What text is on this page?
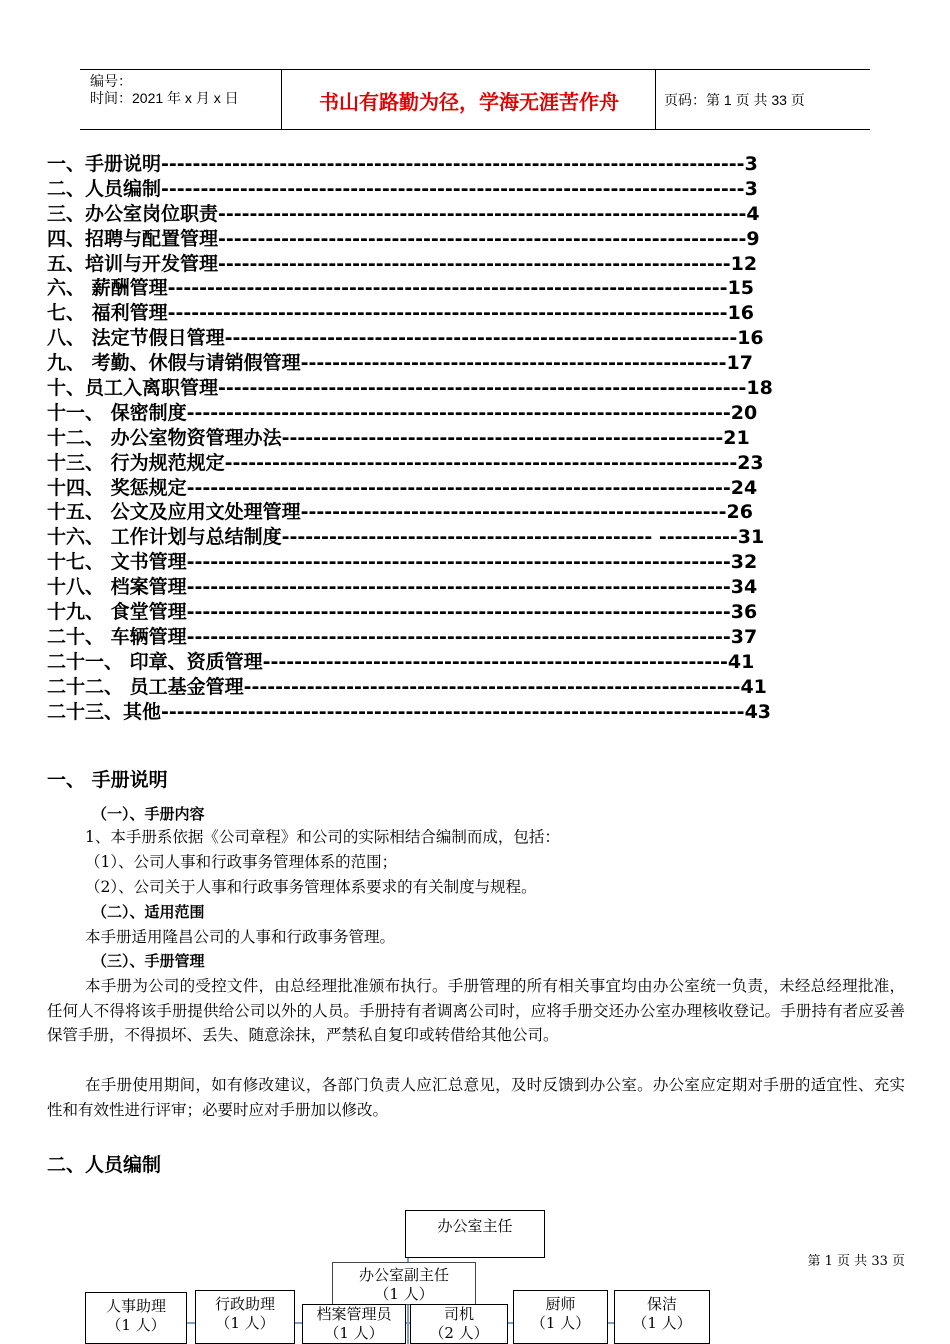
编号：
时间：2021 年 x 月 x 日	书山有路勤为径，学海无涯苦作舟	页码：第 1 页 共 33 页
一、手册说明--------------------------------------------------------------------------3
二、人员编制--------------------------------------------------------------------------3
三、办公室岗位职责-------------------------------------------------------------------4
四、招聘与配置管理-------------------------------------------------------------------9
五、培训与开发管理-----------------------------------------------------------------12
六、 薪酬管理-----------------------------------------------------------------------15
七、 福利管理-----------------------------------------------------------------------16
八、 法定节假日管理-----------------------------------------------------------------16
九、 考勤、休假与请销假管理------------------------------------------------------17
十、员工入离职管理-------------------------------------------------------------------18
十一、 保密制度---------------------------------------------------------------------20
十二、 办公室物资管理办法--------------------------------------------------------21
十三、 行为规范规定-----------------------------------------------------------------23
十四、 奖惩规定---------------------------------------------------------------------24
十五、 公文及应用文处理管理------------------------------------------------------26
十六、 工作计划与总结制度----------------------------------------------- ----------31
十七、 文书管理---------------------------------------------------------------------32
十八、 档案管理---------------------------------------------------------------------34
十九、 食堂管理---------------------------------------------------------------------36
二十、 车辆管理---------------------------------------------------------------------37
二十一、 印章、资质管理-----------------------------------------------------------41
二十二、 员工基金管理---------------------------------------------------------------41
二十三、其他--------------------------------------------------------------------------43
一、 手册说明
（一）、手册内容
1、本手册系依据《公司章程》和公司的实际相结合编制而成，包括：
（1）、公司人事和行政事务管理体系的范围；
（2）、公司关于人事和行政事务管理体系要求的有关制度与规程。
（二）、适用范围
本手册适用隆昌公司的人事和行政事务管理。
（三）、手册管理
本手册为公司的受控文件，由总经理批准颁布执行。手册管理的所有相关事宜均由办公室统一负责，未经总经理批准，任何人不得将该手册提供给公司以外的人员。手册持有者调离公司时，应将手册交还办公室办理核收登记。手册持有者应妥善保管手册，不得损坏、丢失、随意涂抹，严禁私自复印或转借给其他公司。
在手册使用期间，如有修改建议，各部门负责人应汇总意见，及时反馈到办公室。办公室应定期对手册的适宜性、充实性和有效性进行评审；必要时应对手册加以修改。
二、人员编制
办公室主任
办公室副主任
（1 人）
人事助理
（1 人）
行政助理
（1 人）	档案管理员
（1 人）
司机
（2 人）
厨师
（1 人）
保洁
（1 人）
第 1 页 共 33 页
